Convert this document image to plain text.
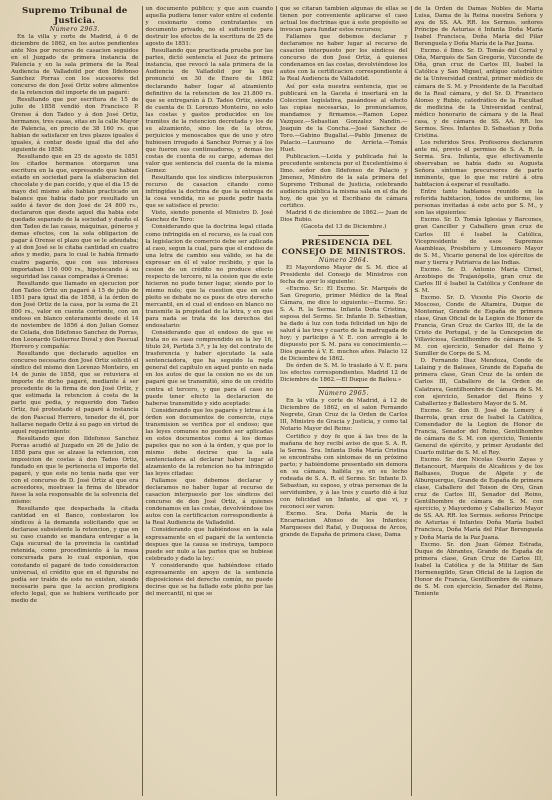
Supremo Tribunal de Justicia.

Número 2963.

En la villa y corte de Madrid, á 6 de diciembre de 1862, en los autos pendientes ante Nos por recurso de casacion seguidos en el Juzgado de primera instancia de Palencia y en la sala primera de la Real Audiencia de Valladolid por don Ildefonso Sanchez Porras con los sucesores del concurso de don José Ortiz sobre alimentos de la retencion del importe de un pagaré:

Resultando que por escritura de 15 de julio de 1858 vendió don Francisco P. Orense á don Tadeo y á don José Ortiz, hermanos, tres casas, sitas en la calle Mayor de Palencia, en precio de 38 160 rs. que habian de satisfacer en tres plazos iguales é iguales, á contar desde igual dia del año siguiente de 1858:

Resultando que en 25 de agosto de 1851 los citados hermanos otorgaron una escritura en la que, expresando que habian estado en sociedad para la elaboracion del chocolate y de pan cocido, y que el dia 15 de mayo del mismo año habian practicado un balance que habia dado por resultado un saldo á favor de don José de 24 800 rs., declararon que desde aquel dia habia este quedado separado de la sociedad y dueño el don Tadeo de las casas, máquinas, géneros y demas efectos, con la sola obligacion de pagar á Orense el plazo que se le adeudaba; y al don José se le citaba cantidad en cuatro años y medio, para lo cual le había firmado cuatro pagarés, que con sus intereses importaban 116 000 rs., hipotecando á su seguridad las casas compradas á Orense:

Resultando que llamado en ejecucion por don Tadeo Ortiz un pagaré á 15 de julio de 1851 para igual dia de 1858, á la órden de don José Ortiz de la casa, por la suma de 21 800 rs., valor en cuenta corriente, con un endoso en blanco enteramente desde el 14 de noviembre de 1856 á don Julian Gomez de Celada, don Ildefonso Sanchez de Porras, don Leonardo Gutierrez Duval y don Pascual Herrero y compañía:

Resultando que declarado aquellos en concurso necesario don José Ortiz solicitó el síndico del mismo don Lorenzo Monteiro, en 14 de junio de 1858, que se retuviera el importe de dicho pagaré, mediante á ser procedente de la firma de don José Ortiz, y que estimada la retencion á costa de la parte que pedia, y requerido don Tadeo Ortiz, fué protestado el pagaré á instancia de don Pascual Herrero, tenedor de él, por hallarse negado Ortiz á su pago en virtud de aquel requerimiento:

Resultando que don Ildefonso Sanchez Porras acudió al Juzgado en 26 de Julio de 1858 para que se alzase la retencion, con imposicion de costas á don Tadeo Ortiz, fundado en que le pertenecia el importe del pagaré, y que este no tenia nada que ver con el concurso de D. José Ortiz al que era acreedores, mostrase la firma de librador fuese la sola responsable de la solvencia del mismo:

Resultando que despachada la citada cantidad en el Banco, contestaron los síndicos á la demanda solicitando que se declarase subsistente la retencion, y que en su caso cuando se mandara entregar a la Caja sucursal de la provincia la cantidad retenida, como procedimiento á la masa concursada para lo cual exponian, que constando el pagaré de todo consideracion universal, el crédito que en el figuraba no podía ser traído de este no existen, siendo necesario para que la accion prodigiera efecto legal, que se hubiera verificado por medio de

un documento público; y que aun cuando aquella pudiera tener valor entre el cedente y cesionario como contratantes en documento privado, no el suficiente para destruir los efectos de la escritura de 25 de agosto de 1851:

Resultando que practicada prueba por las partes, dictó sentencia el Juez de primera instancia, que revocó la sala primera de la Audiencia de Valladolid por la que pronunció en 30 de Enero de 1862 declarando haber lugar al alzamiento definitivo de la retencion de los 21.800 rs. que se entregarán á D. Tadeo Ortiz, siendo de cuenta de D. Lorenzo Monteiro, no solo las costas y gastos producidos en los tramites de la retencion decretada y los de su alzamiento, sino los de la otros, perjuicios y menoscabos que de uno y otro hubiesen irrogado á Sanchez Porras y á los que fueron sus continuadores, y demas los costas de cuenta de su cargo, ademas del valor que sentencia del cuenta de la misma Gomez:

Resultando que los sindicos interpusieron recurso de casacion citando como infringidas la doctrina de que la entrega de la cosa vendida, no se puede pedir hasta que se satisface el precio:

Visto, siendo ponente el Ministro D. José Sanchez de Toro:

Considerando que la doctrina legal citada como infringida en el recurso, es la cual con la legislacion de comercio debe ser aplicada al caso, segun la cual, para que el endoso de una letra de cambio sea válido, se ha de expresar en él el valor recibido, y que la cesion de un crédito no produce efecto respecto de tercero, ni la cesion que de este hicieron no pudo tener lugar, siendo por lo mismo nulo; que la cuestion que en este pleito se debate no es pues de otro derecho mercantil, en el cual el endoso en blanco no transmite la propiedad de la letra, y en que para nada se trata de los derechos del endosatario:

Considerando que el endoso de que se trata no es caso comprendido en la ley 16, título 24, Partida 3.ª, y la ley del contrato de trasferencia y haber ejecutado la sala sentenciadora, que ha seguido la regla general del capítulo en aquel punto en nada en los autos de que la cesion no es de un pagaré que se transmitió, sino de un crédito contra el tercero, y que para el caso no puede tener efecto la declaracion de haberse transmitido y sido aceptado:

Considerando que los pagarés y letras á la órden son documentos de comercio, cuya transmision se verifica por el endoso; que las leyes comunes no pueden ser aplicadas en estos documentos como á los demas papeles que no son á la órden, y que por lo mismo debe decirse que la sala sentenciadora al declarar haber lugar al alzamiento de la retencion no ha infringido las leyes citadas:

Fallamos que debemos declarar y declaramos no haber lugar al recurso de casacion interpuesto por los síndicos del concurso de don José Ortiz, á quienes condenamos en las costas, devolviéndose los autos con la certificacion correspondiente á la Real Audiencia de Valladolid.

Considerando que habiéndose en la sala expresamente en el pagaré de la sentencia despues que la causa se instruya, tampoco puede ser nulo a las partes que se hubiese celebrado y dado la ley.:

Y considerando que habiéndose citado expresamente en apoyo de la sentencia disposiciones del derecho común, no puede decirse que se ha fallado este pleito por las del mercantil, ni que se

que se citaran tambien algunas de ellas se tienen por conveniente aplicarse el caso actual los doctrinas que á este propósito se invocan para fundar estos recursos;

Fallamos que debemos declarar y declaramos no haber lugar al recurso de casacion interpuesto por los síndicos del concurso de don José Ortiz, á quienes condenamos en las costas, devolviéndose los autos con la certificacion correspondiente á la Real Audiencia de Valladolid.

Así por esta nuestra sentencia, que se publicará en la Gaceta é insertará en la Coleccion legislativa, pasándose al efecto las copias necesarias, lo pronunciamos, mandamos y firmamos.—Ramon Lopez Vazquez.—Sebastian Gonzalez Nandin.—Joaquin de la Concha.—José Sanchez de Toro.—Gabino Bugallal.—Pablo Jimenez de Palacio.—Laureano de Arrieta.—Tomás Huet.

Publicacion.—Leida y publicada fué la precedente sentencia por el Excelentísimo é Ilmo. señor don Ildefonso de Palacio y Jimenez, Ministro de la sala primera del Supremo Tribunal de Justicia, celebrando audiencia pública la misma sala en el dia de hoy, de que yo el Escribano de cámara certifico.

Madrid 6 de diciembre de 1862.— Juan de Dios Rubio.

(Gaceta del 13 de Diciembre.)

PRESIDENCIA DEL CONSEJO DE MINISTROS.

Número 2964.

El Mayordomo Mayor de S. M. dice al Presidente del Consejo de Ministros con fecha de ayer lo siguiente:

«Excmo. Sr.: El Excmo. Sr. Marqués de San Gregorio, primer Médico de la Real Cámara, me dice lo siguiente:—Excmo. Sr.: S. A. R. la Serma. Infanta Doña Cristina, esposa del Sermo. Sr. Infante D. Sebastian, ha dado á luz con toda felicidad un hijo de salud á las tres y cuarto de la madrugada de hoy; y participo á V. E. con arreglo á lo dispuesto por S. M. para su conocimiento.—Dios guarde á V. E. muchos años. Palacio 12 de Diciembre de 1862.

De órden de S. M. lo traslado á V. E. para los efectos correspondientes. Madrid 12 de Diciembre de 1862.—El Duque de Baileu.»

Número 2965.

En la villa y corte de Madrid, á 12 de Diciembre de 1862, en el salon Fernando Negrete, Gran Cruz de la Orden de Carlos III, Ministro de Gracia y Justicia, y como tal Notario Mayor del Reino:

Certifico y doy fe que á las tres de la mañana de hoy recibí aviso de que S. A. R. la Serma. Sra. Infanta Doña María Cristina se encontraba con síntomas de un próximo parto; y habiéndome presentado sin demora en su cámara, halléla ya en su lecho rodeada de S. A. R. el Sermo. Sr. Infante D. Sebastian, su esposo, y otras personas de la servidumbre, y á las tres y cuarto dió á luz con felicidad un Infante, al que vi, y reconocí ser varon:

Excmo. Sra. Doña María de la Encarnacion Afonso de los Infantes; Marqueses del Rafal, y Duquesa de Arcos, grande de España de primera clase, Dama

de la Orden de Damas Nobles de María Luisa, Dama de la Reina nuestra Señora y aya de SS. AA. RR. los Sermos. señores Príncipe de Asturias é Infanta Doña María Isabel Francisca, Doña María del Pilar Berenguela y Doña María de la Paz Juana.

Excmo. é Ilmo. Sr. D. Tomás del Corral y Oña, Marqués de San Gregorio, Vizconde de Oña, gran cruz de Carlos III, Isabel la Católica y San Miguel, antiguo catedrático de la Universidad central, primer médico de cámara de S. M. y Presidente de la Facultad de la Real cámara, y del Sr. D. Francisco Alonso y Rubio, catedrático de la Facultad de medicina de la Universidad central, médico honorario de cámara y de la Real casa, y de cámara de SS. AA. RR. los Sermos. Sres. Infantes D. Sebastian y Doña Cristina.

Los referidos Sres. Profesores declararon ante mí, previo el permiso de S. A. R. la Serma. Sra. Infanta, que efectivamente observaban se había dado su Augusta Señora síntomas precursores de parto inminente, que lo que me retiré á otra habitacion á esperar el resultado.

Entre tanto hablamos reunido en la referida habitacion, todos de uniforme, los personas invitadas á este acto por S. M., y son las siguientes:

Excmo. Sr. D. Tomás Iglesias y Barcones, gran Canciller y Caballero gran cruz de Carlos III é Isabel la Católica, Vicepresidente de esos Supremos Asambleas, Presbítero y Limosnero Mayor de S. M., Vicario general de los ejércitos de mar y tierra y Patriarca de las Indias.

Excmo. Sr. D. Antonio María Cirnel, Arzobispo de Trajanópolis, gran cruz de Carlos III é Isabel la Católica y Confesor de S. M.

Excmo. Sr. D. Vicente Pío Osorio de Moscoso, Conde de Altamira, Duque de Montemar, Grande de España de primera clase, Gran Oficial de la Legion de Honor de Francia, Gran Cruz de Carlos III, de la de Cristo de Portugal, y de la Concepcion de Villaviciosa, Gentilhombre de cámara de S. M. con ejercicio, Senador del Reino y Sumiller de Corps de S. M.

D. Fernando Diaz Mendoza, Conde de Lalaing y de Baleaes, Grande de España de primera clase, Gran Cruz de la orden de Carlos III, Caballero de la Orden de Calatrava, Gentilhombre de Cámara de S. M. con ejercicio, Senador del Reino y Caballerizo y Ballestero Mayor de S. M.

Excmo. Sr. don D. José de Lemery é Ibarrola, gran cruz de Isabel la Católica, Comendador de la Legion de Honor de Francia, Senador del Reino, Gentilhombre de cámara de S. M. con ejercicio, Teniente General de ejército, y primer Ayudante del Cuarto militar de S. M. el Rey.

Excmo. Sr. don Nicolas Osorio Zayas y Betancourt, Marqués de Alcañices y de los Balbases, Duque de Algete y de Alburquerque, Grande de España de primera clase, Caballero del Toison de Oro, Gran cruz de Carlos III, Senador del Reino, Gentilhombre de cámara de S. M. con ejercicio, y Mayordomo y Caballerizo Mayor de SS. AA. RR. los Sermos. señores Príncipe de Asturias é Infantes Doña María Isabel Francisca, Doña María del Pilar Berenguela y Doña María de la Paz Juana.

Excmo. Sr. don Juan Gómez Estrada, Duque de Abrantes, Grande de España de primera clase, Gran Cruz de Carlos III, Isabel la Católica y de la Militar de San Hermenegildo, Gran Oficial de la Legion de Honor de Francia, Gentilhombre de cámara de S. M. con ejercicio, Senador del Reino, Teniente
